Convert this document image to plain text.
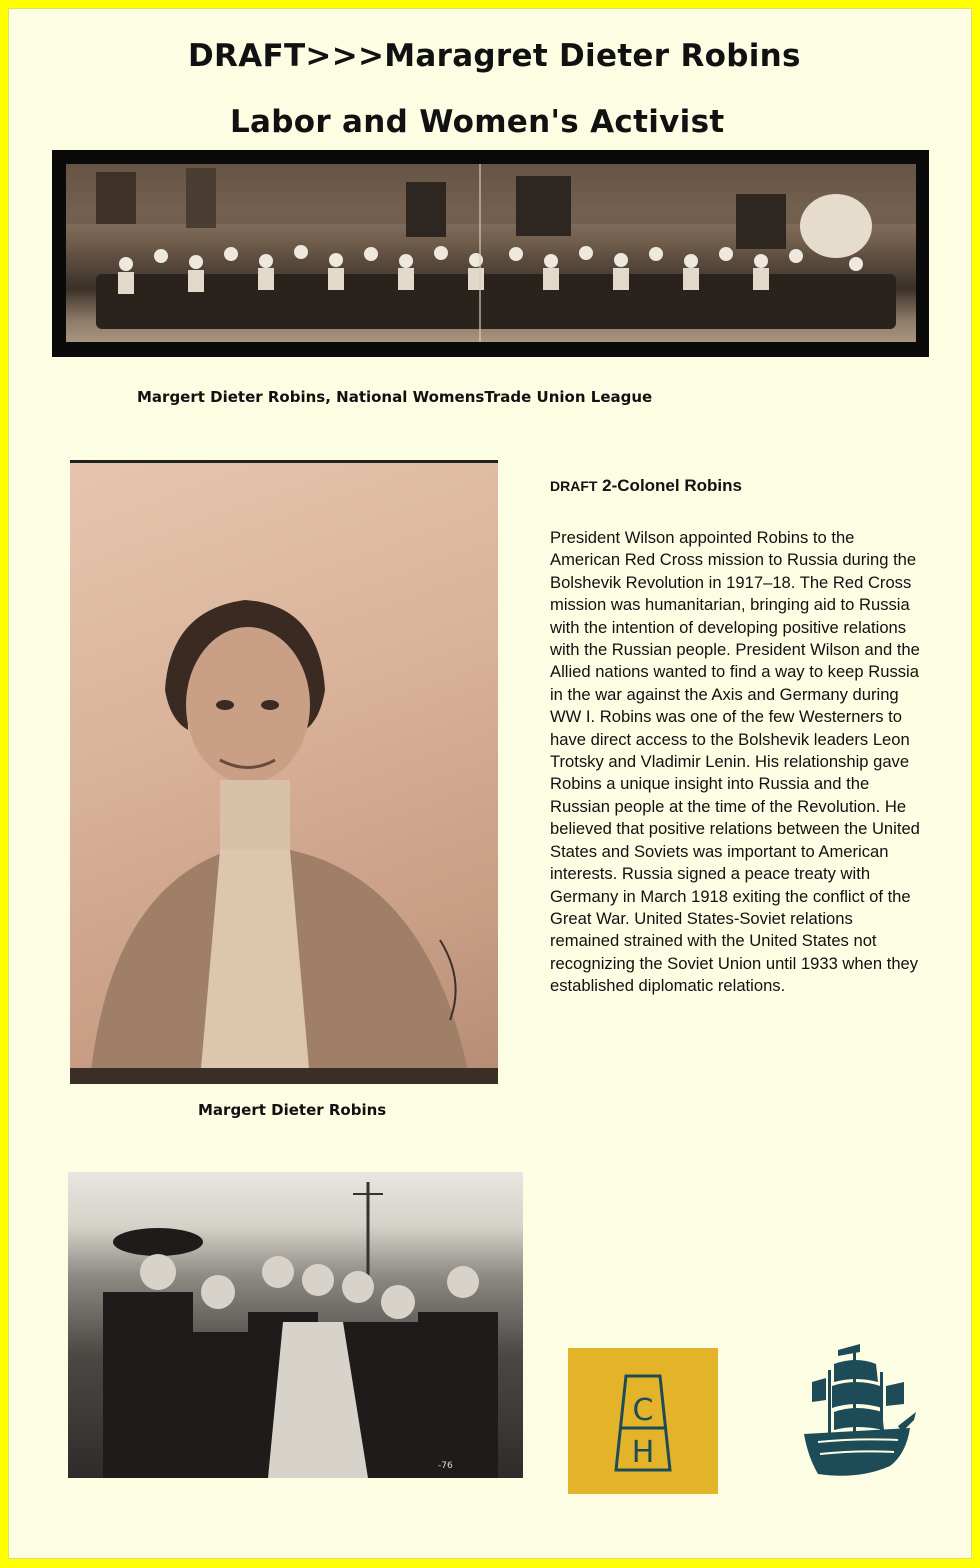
DRAFT>>>Maragret Dieter Robins
Labor and Women's Activist
Margert Dieter Robins, National WomensTrade Union League
Margert Dieter Robins
DRAFT 2-Colonel Robins
President Wilson appointed Robins to the American Red Cross mission to Russia during the Bolshevik Revolution in 1917–18. The Red Cross mission was humanitarian, bringing aid to Russia with the intention of developing positive relations with the Russian people. President Wilson and the Allied nations wanted to find a way to keep Russia in the war against the Axis and Germany during WW I. Robins was one of the few Westerners to have direct access to the Bolshevik leaders Leon Trotsky and Vladimir Lenin. His relationship gave Robins a unique insight into Russia and the Russian people at the time of the Revolution. He believed that positive relations between the United States and Soviets was important to American interests. Russia signed a peace treaty with Germany in March 1918 exiting the conflict of the Great War. United States-Soviet relations remained strained with the United States not recognizing the Soviet Union until 1933 when they established diplomatic relations.
-76
C
H
